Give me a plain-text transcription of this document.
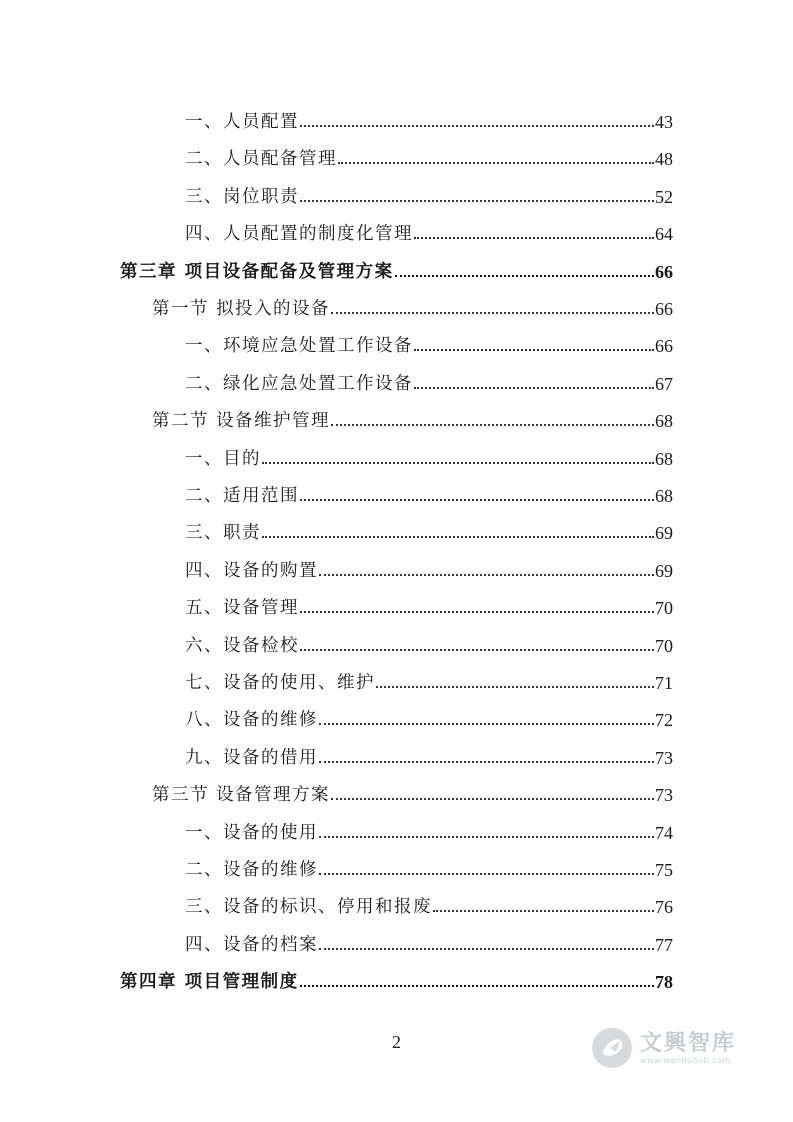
一、人员配置	43
二、人员配备管理	48
三、岗位职责	52
四、人员配置的制度化管理	64
第三章 项目设备配备及管理方案	66
第一节 拟投入的设备	66
一、环境应急处置工作设备	66
二、绿化应急处置工作设备	67
第二节 设备维护管理	68
一、目的	68
二、适用范围	68
三、职责	69
四、设备的购置	69
五、设备管理	70
六、设备检校	70
七、设备的使用、维护	71
八、设备的维修	72
九、设备的借用	73
第三节 设备管理方案	73
一、设备的使用	74
二、设备的维修	75
三、设备的标识、停用和报废	76
四、设备的档案	77
第四章 项目管理制度	78
2	文興智库
www.wenduolib.com
